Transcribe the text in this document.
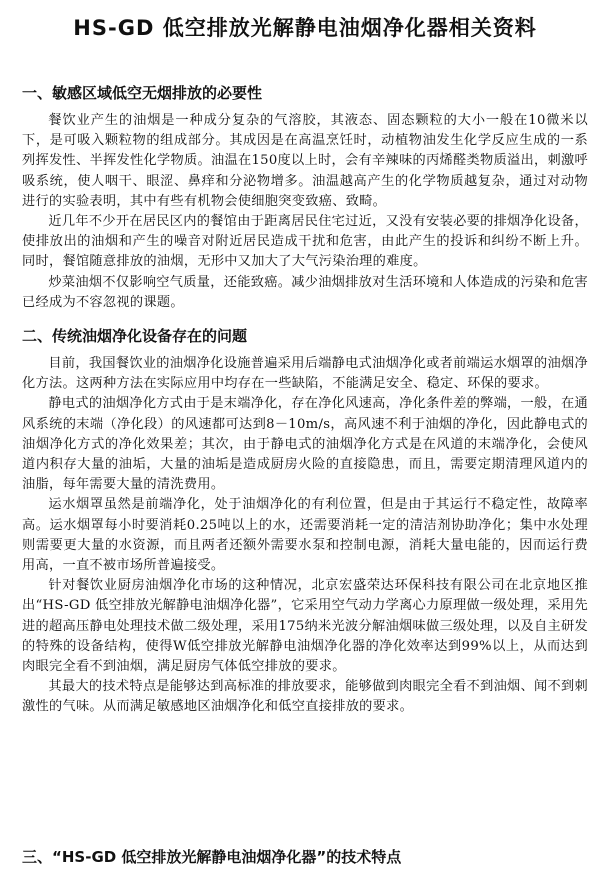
HS-GD 低空排放光解静电油烟净化器相关资料
一、敏感区域低空无烟排放的必要性

餐饮业产生的油烟是一种成分复杂的气溶胶，其液态、固态颗粒的大小一般在10微米以下，是可吸入颗粒物的组成部分。其成因是在高温烹饪时，动植物油发生化学反应生成的一系列挥发性、半挥发性化学物质。油温在150度以上时，会有辛辣味的丙烯醛类物质溢出，刺激呼吸系统，使人咽干、眼涩、鼻痒和分泌物增多。油温越高产生的化学物质越复杂，通过对动物进行的实验表明，其中有些有机物会使细胞突变致癌、致畸。

近几年不少开在居民区内的餐馆由于距离居民住宅过近，又没有安装必要的排烟净化设备，使排放出的油烟和产生的噪音对附近居民造成干扰和危害，由此产生的投诉和纠纷不断上升。同时，餐馆随意排放的油烟，无形中又加大了大气污染治理的难度。

炒菜油烟不仅影响空气质量，还能致癌。减少油烟排放对生活环境和人体造成的污染和危害已经成为不容忽视的课题。

二、传统油烟净化设备存在的问题

目前，我国餐饮业的油烟净化设施普遍采用后端静电式油烟净化或者前端运水烟罩的油烟净化方法。这两种方法在实际应用中均存在一些缺陷，不能满足安全、稳定、环保的要求。

静电式的油烟净化方式由于是末端净化，存在净化风速高，净化条件差的弊端，一般，在通风系统的末端（净化段）的风速都可达到8－10m/s，高风速不利于油烟的净化，因此静电式的油烟净化方式的净化效果差；其次，由于静电式的油烟净化方式是在风道的末端净化，会使风道内积存大量的油垢，大量的油垢是造成厨房火险的直接隐患，而且，需要定期清理风道内的油脂，每年需要大量的清洗费用。

运水烟罩虽然是前端净化，处于油烟净化的有利位置，但是由于其运行不稳定性，故障率高。运水烟罩每小时要消耗0.25吨以上的水，还需要消耗一定的清洁剂协助净化；集中水处理则需要更大量的水资源，而且两者还额外需要水泵和控制电源，消耗大量电能的，因而运行费用高，一直不被市场所普遍接受。

针对餐饮业厨房油烟净化市场的这种情况，北京宏盛荣达环保科技有限公司在北京地区推出“HS-GD 低空排放光解静电油烟净化器”，它采用空气动力学离心力原理做一级处理，采用先进的超高压静电处理技术做二级处理，采用175纳米光波分解油烟味做三级处理，以及自主研发的特殊的设备结构，使得W低空排放光解静电油烟净化器的净化效率达到99%以上，从而达到肉眼完全看不到油烟，满足厨房气体低空排放的要求。

其最大的技术特点是能够达到高标准的排放要求，能够做到肉眼完全看不到油烟、闻不到刺激性的气味。从而满足敏感地区油烟净化和低空直接排放的要求。

三、“HS-GD 低空排放光解静电油烟净化器”的技术特点
